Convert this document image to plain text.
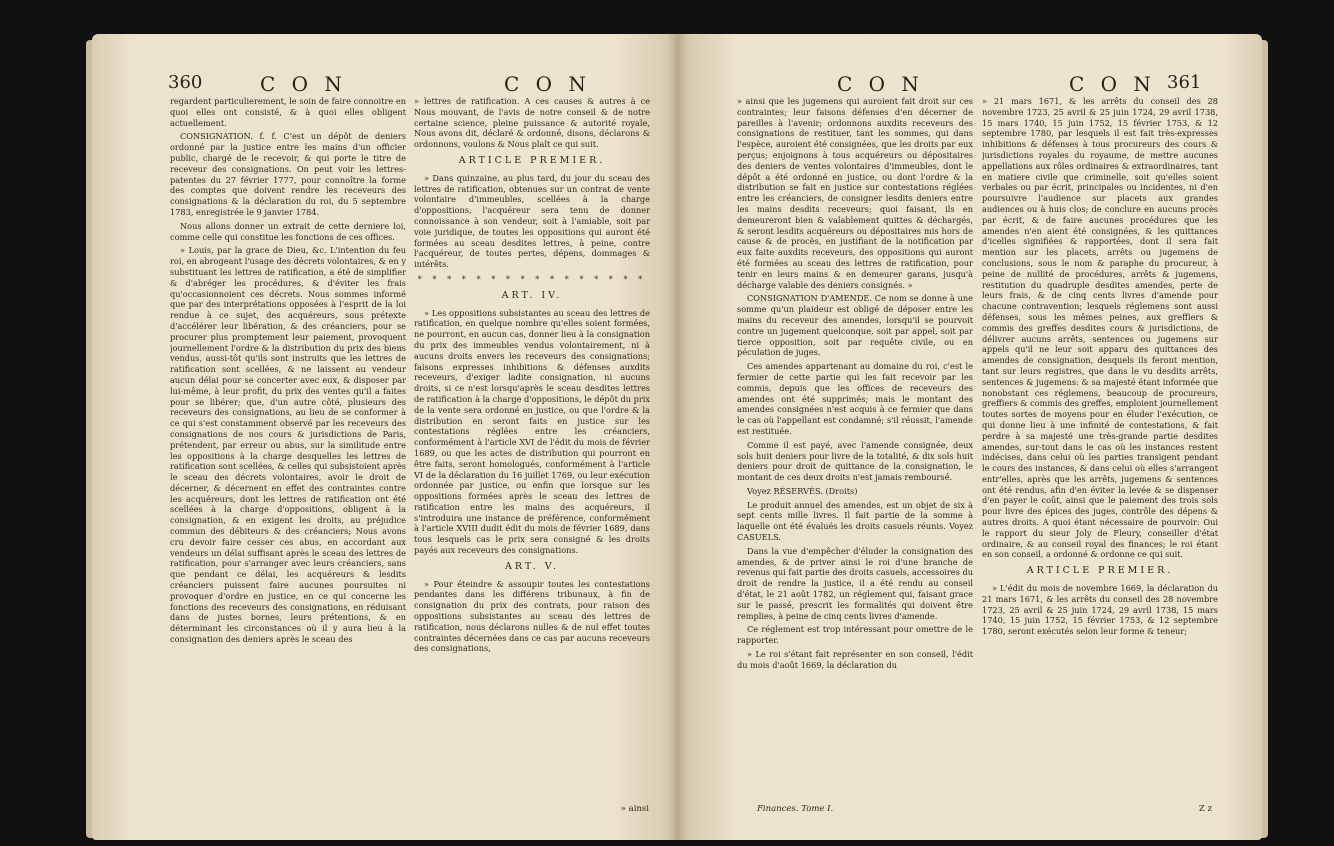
360	C O N	C O N

regardent particulierement, le soin de faire connoitre en quoi elles ont consisté, & à quoi elles obligent actuellement.

CONSIGNATION. f. f. C'est un dépôt de deniers ordonné par la justice entre les mains d'un officier public, chargé de le recevoir, & qui porte le titre de receveur des consignations. On peut voir les lettres-patentes du 27 février 1777, pour connoître la forme des comptes que doivent rendre les receveurs des consignations & la déclaration du roi, du 5 septembre 1783, enregistrée le 9 janvier 1784.

Nous allons donner un extrait de cette derniere loi, comme celle qui constitue les fonctions de ces offices.

» Louis, par la grace de Dieu, &c. L'intention du feu roi, en abrogeant l'usage des décrets volontaires, & en y substituant les lettres de ratification, a été de simplifier & d'abréger les procédures, & d'éviter les frais qu'occasionnoient ces décrets. Nous sommes informé que par des interprétations opposées à l'esprit de la loi rendue à ce sujet, des acquéreurs, sous prétexte d'accélérer leur libération, & des créanciers, pour se procurer plus promptement leur paiement, provoquent journellement l'ordre & la distribution du prix des biens vendus, aussi-tôt qu'ils sont instruits que les lettres de ratification sont scellées, & ne laissent au vendeur aucun délai pour se concerter avec eux, & disposer par lui-même, à leur profit, du prix des ventes qu'il a faites pour se libérer; que, d'un autre côté, plusieurs des receveurs des consignations, au lieu de se conformer à ce qui s'est constamment observé par les receveurs des consignations de nos cours & jurisdictions de Paris, prétendent, par erreur ou abus, sur la similitude entre les oppositions à la charge desquelles les lettres de ratification sont scellées, & celles qui subsistoient après le sceau des décrets volontaires, avoir le droit de décerner, & décernent en effet des contraintes contre les acquéreurs, dont les lettres de ratification ont été scellées à la charge d'oppositions, obligent à la consignation, & en exigent les droits, au préjudice commun des débiteurs & des créanciers; Nous avons cru devoir faire cesser ces abus, en accordant aux vendeurs un délai suffisant après le sceau des lettres de ratification, pour s'arranger avec leurs créanciers, sans que pendant ce délai, les acquéreurs & lesdits créanciers puissent faire aucunes poursuites ni provoquer d'ordre en justice, en ce qui concerne les fonctions des receveurs des consignations, en réduisant dans de justes bornes, leurs prétentions, & en déterminant les circonstances où il y aura lieu à la consignation des deniers après le sceau des

» lettres de ratification. A ces causes & autres à ce Nous mouvant, de l'avis de notre conseil & de notre certaine science, pleine puissance & autorité royale, Nous avons dit, déclaré & ordonné, disons, déclarons & ordonnons, voulons & Nous plaît ce qui suit.

ARTICLE PREMIER.

» Dans quinzaine, au plus tard, du jour du sceau des lettres de ratification, obtenues sur un contrat de vente volontaire d'immeubles, scellées à la charge d'oppositions, l'acquéreur sera tenu de donner connoissance à son vendeur, soit à l'amiable, soit par voie juridique, de toutes les oppositions qui auront été formées au sceau desdites lettres, à peine, contre l'acquéreur, de toutes pertes, dépens, dommages & intérêts.

* * * * * * * * * * * * * * * *
ART. IV.

» Les oppositions subsistantes au sceau des lettres de ratification, en quelque nombre qu'elles soient formées, ne pourront, en aucun cas, donner lieu à la consignation du prix des immeubles vendus volontairement, ni à aucuns droits envers les receveurs des consignations; faisons expresses inhibitions & défenses auxdits receveurs, d'exiger ladite consignation, ni aucuns droits, si ce n'est lorsqu'après le sceau desdites lettres de ratification à la charge d'oppositions, le dépôt du prix de la vente sera ordonné en justice, ou que l'ordre & la distribution en seront faits en justice sur les contestations réglées entre les créanciers, conformément à l'article XVI de l'édit du mois de février 1689, ou que les actes de distribution qui pourront en être faits, seront homologués, conformément à l'article VI de la déclaration du 16 juillet 1769, ou leur exécution ordonnée par justice, ou enfin que lorsque sur les oppositions formées après le sceau des lettres de ratification entre les mains des acquéreurs, il s'introduira une instance de préférence, conformément à l'article XVIII dudit édit du mois de février 1689, dans tous lesquels cas le prix sera consigné & les droits payés aux receveurs des consignations.

ART. V.

» Pour éteindre & assoupir toutes les contestations pendantes dans les différens tribunaux, à fin de consignation du prix des contrats, pour raison des oppositions subsistantes au sceau des lettres de ratification, nous déclarons nulles & de nul effet toutes contraintes décernées dans ce cas par aucuns receveurs des consignations,

» ainsi
C O N	C O N 361

» ainsi que les jugemens qui auroient fait droit sur ces contraintes; leur faisons défenses d'en décerner de pareilles à l'avenir; ordonnons auxdits receveurs des consignations de restituer, tant les sommes, qui dans l'espèce, auroient été consignées, que les droits par eux perçus; enjoignons à tous acquéreurs ou dépositaires des deniers de ventes volontaires d'immeubles, dont le dépôt a été ordonné en justice, ou dont l'ordre & la distribution se fait en justice sur contestations réglées entre les créanciers, de consigner lesdits deniers entre les mains desdits receveurs; quoi faisant, ils en demeureront bien & valablement quittes & déchargés, & seront lesdits acquéreurs ou dépositaires mis hors de cause & de procès, en justifiant de la notification par eux faite auxdits receveurs, des oppositions qui auront été formées au sceau des lettres de ratification, pour tenir en leurs mains & en demeurer garans, jusqu'à décharge valable des deniers consignés. »

CONSIGNATION D'AMENDE. Ce nom se donne à une somme qu'un plaideur est obligé de déposer entre les mains du receveur des amendes, lorsqu'il se pourvoit contre un jugement quelconque, soit par appel, soit par tierce opposition, soit par requête civile, ou en péculation de juges.

Ces amendes appartenant au domaine du roi, c'est le fermier de cette partie qui les fait recevoir par les commis, depuis que les offices de receveurs des amendes ont été supprimés; mais le montant des amendes consignées n'est acquis à ce fermier que dans le cas où l'appellant est condamné; s'il réussit, l'amende est restituée.

Comme il est payé, avec l'amende consignée, deux sols huit deniers pour livre de la totalité, & dix sols huit deniers pour droit de quittance de la consignation, le montant de ces deux droits n'est jamais remboursé.

Voyez RÉSERVÉS. (Droits)

Le produit annuel des amendes, est un objet de six à sept cents mille livres. Il fait partie de la somme à laquelle ont été évalués les droits casuels réunis. Voyez CASUELS.

Dans la vue d'empêcher d'éluder la consignation des amendes, & de priver ainsi le roi d'une branche de revenus qui fait partie des droits casuels, accessoires du droit de rendre la justice, il a été rendu au conseil d'état, le 21 août 1782, un réglement qui, faisant grace sur le passé, prescrit les formalités qui doivent être remplies, à peine de cinq cents livres d'amende.

Ce réglement est trop intéressant pour omettre de le rapporter.

» Le roi s'étant fait représenter en son conseil, l'édit du mois d'août 1669, la déclaration du

Finances. Tome I.

» 21 mars 1671, & les arrêts du conseil des 28 novembre 1723, 25 avril & 25 juin 1724, 29 avril 1738, 15 mars 1740, 15 juin 1752, 15 février 1753, & 12 septembre 1780, par lesquels il est fait très-expresses inhibitions & défenses à tous procureurs des cours & jurisdictions royales du royaume, de mettre aucunes appellations aux rôles ordinaires & extraordinaires, tant en matiere civile que criminelle, soit qu'elles soient verbales ou par écrit, principales ou incidentes, ni d'en poursuivre l'audience sur placets aux grandes audiences ou à huis clos; de conclure en aucuns procès par écrit, & de faire aucunes procédures que les amendes n'en aient été consignées, & les quittances d'icelles signifiées & rapportées, dont il sera fait mention sur les placets, arrêts ou jugemens de conclusions, sous le nom & paraphe du procureur, à peine de nullité de procédures, arrêts & jugemens, restitution du quadruple desdites amendes, perte de leurs frais, & de cinq cents livres d'amende pour chacune contravention; lesquels réglemens sont aussi défenses, sous les mêmes peines, aux greffiers & commis des greffes desdites cours & jurisdictions, de délivrer aucuns arrêts, sentences ou jugemens sur appels qu'il ne leur soit apparu des quittances des amendes de consignation, desquels ils feront mention, tant sur leurs registres, que dans le vu desdits arrêts, sentences & jugemens: & sa majesté étant informée que nonobstant ces réglemens, beaucoup de procureurs, greffiers & commis des greffes, emploient journellement toutes sortes de moyens pour en éluder l'exécution, ce qui donne lieu à une infinité de contestations, & fait perdre à sa majesté une très-grande partie desdites amendes, sur-tout dans le cas où les instances restent indécises, dans celui où les parties transigent pendant le cours des instances, & dans celui où elles s'arrangent entr'elles, après que les arrêts, jugemens & sentences ont été rendus, afin d'en éviter la levée & se dispenser d'en payer le coût, ainsi que le paiement des trois sols pour livre des épices des juges, contrôle des dépens & autres droits. A quoi étant nécessaire de pourvoir: Oui le rapport du sieur Joly de Fleury, conseiller d'état ordinaire, & au conseil royal des finances; le roi étant en son conseil, a ordonné & ordonne ce qui suit.

ARTICLE PREMIER.

» L'édit du mois de novembre 1669, la déclaration du 21 mars 1671, & les arrêts du conseil des 28 novembre 1723, 25 avril & 25 juin 1724, 29 avril 1738, 15 mars 1740, 15 juin 1752, 15 février 1753, & 12 septembre 1780, seront exécutés selon leur forme & teneur;

Z z
